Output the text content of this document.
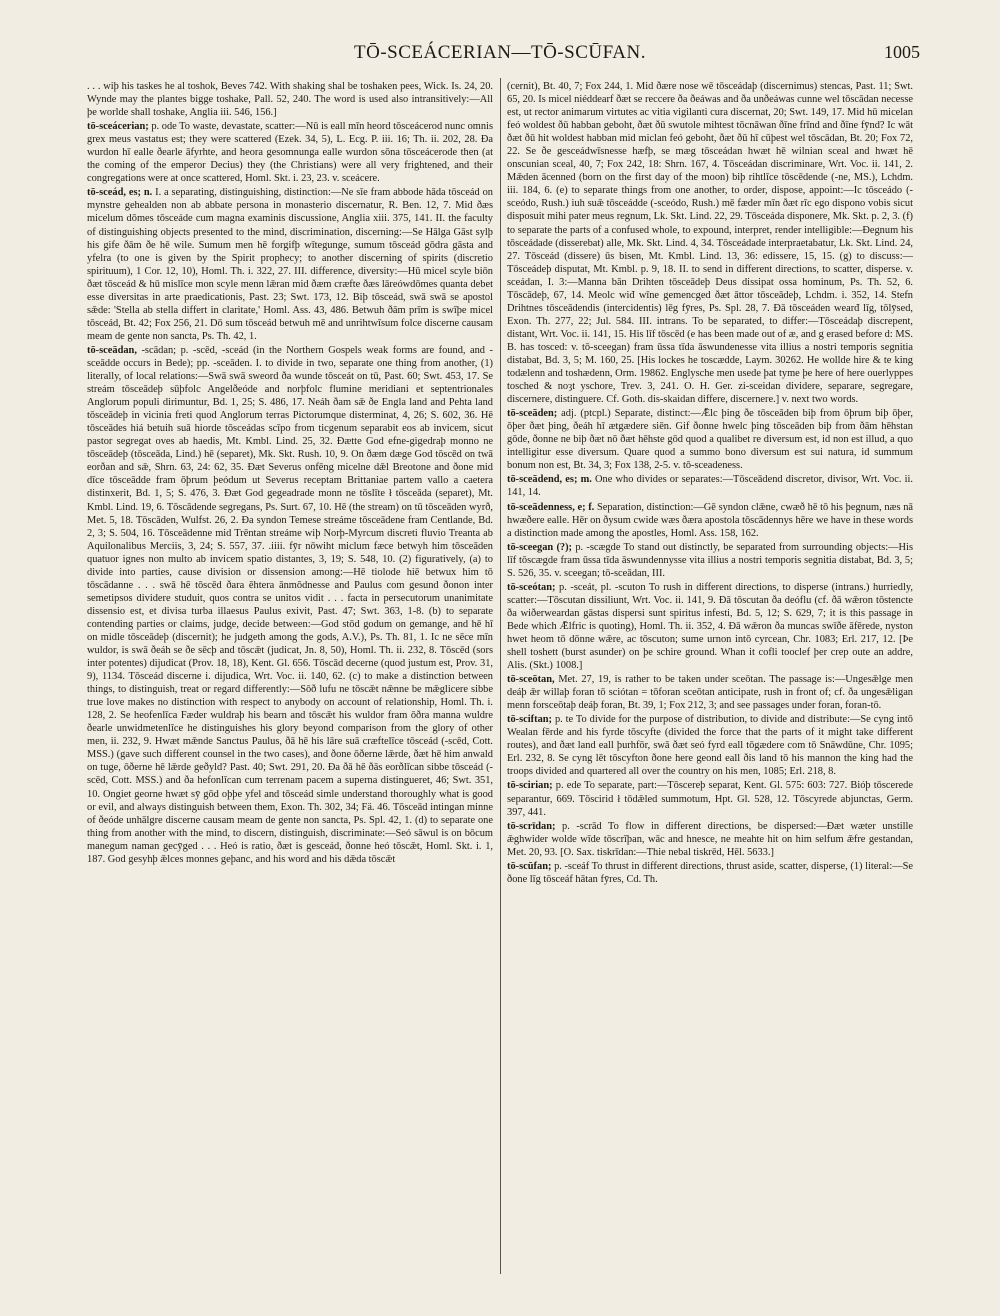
TŌ-SCEÁCERIAN—TŌ-SCŪFAN.	1005
. . . wiþ his taskes he al toshok, Beves 742. With shaking shal be toshaken pees, Wick. Is. 24, 20. Wynde may the plantes bigge toshake, Pall. 52, 240. The word is used also intransitively:—All þe worlde shall toshake, Anglia iii. 546, 156.]
tō-sceácerian; p. ode To waste, devastate, scatter:—Nū is eall mīn heord tōsceácerod nunc omnis grex meus vastatus est; they were scattered (Ezek. 34, 5), L. Ecg. P. iii. 16; Th. ii. 202, 28. Ða wurdon hī ealle ðearle āfyrhte, and heora gesomnunga ealle wurdon sōna tōsceácerode then (at the coming of the emperor Decius) they (the Christians) were all very frightened, and their congregations were at once scattered, Homl. Skt. i. 23, 23. v. sceácere.
tō-sceád, es; n. I. a separating, distinguishing, distinction:—Ne sīe fram abbode hāda tōsceád on mynstre gehealden non ab abbate persona in monasterio discernatur, R. Ben. 12, 7. Mid ðæs micelum dōmes tōsceáde cum magna examinis discussione, Anglia xiii. 375, 141. II. the faculty of distinguishing objects presented to the mind, discrimination, discerning:—Se Hālga Gāst sylþ his gife ðām ðe hē wile. Sumum men hē forgifþ wītegunge, sumum tōsceád gōdra gāsta and yfelra (to one is given by the Spirit prophecy; to another discerning of spirits (discretio spirituum), 1 Cor. 12, 10), Homl. Th. i. 322, 27. III. difference, diversity:—Hū micel scyle biōn ðæt tōsceád & hū mislīce mon scyle menn lǣran mid ðæm cræfte ðæs lāreówdōmes quanta debet esse diversitas in arte praedicationis, Past. 23; Swt. 173, 12. Biþ tōsceád, swā swā se apostol sǣde: 'Stella ab stella differt in claritate,' Homl. Ass. 43, 486. Betwuh ðām prīm is swīþe micel tōsceád, Bt. 42; Fox 256, 21. Dō sum tōsceád betwuh mē and unrihtwīsum folce discerne causam meam de gente non sancta, Ps. Th. 42, 1.
tō-sceādan, -scādan; p. -scēd, -sceád (in the Northern Gospels weak forms are found, and -sceādde occurs in Bede); pp. -sceāden. I. to divide in two, separate one thing from another, (1) literally, of local relations:—Swā swā sweord ða wunde tōsceát on tū, Past. 60; Swt. 453, 17. Se streám tōsceādeþ sūþfolc Angelðeóde and norþfolc flumine meridiani et septentrionales Anglorum populi dirimuntur, Bd. 1, 25; S. 486, 17. Neáh ðam sǣ ðe Engla land and Pehta land tōsceādeþ in vicinia freti quod Anglorum terras Pictorumque disterminat, 4, 26; S. 602, 36. Hē tōsceādes hiá betuih suā hiorde tōsceádas scīpo from ticgenum separabit eos ab invicem, sicut pastor segregat oves ab haedis, Mt. Kmbl. Lind. 25, 32. Ðætte God efne-gigedraþ monno ne tōsceādeþ (tōsceāda, Lind.) hē (separet), Mk. Skt. Rush. 10, 9. On ðæm dæge God tōscēd on twā eorðan and sǣ, Shrn. 63, 24: 62, 35. Ðæt Severus onfēng micelne dǣl Breotone and ðone mid dīce tōsceādde fram ōþrum þeódum ut Severus receptam Brittaniae partem vallo a caetera distinxerit, Bd. 1, 5; S. 476, 3. Ðæt God gegeadrade monn ne tōslīte ł tōsceāda (separet), Mt. Kmbl. Lind. 19, 6. Tōscādende segregans, Ps. Surt. 67, 10. Hē (the stream) on tū tōsceāden wyrð, Met. 5, 18. Tōscāden, Wulfst. 26, 2. Ða syndon Temese streáme tōsceādene fram Centlande, Bd. 2, 3; S. 504, 16. Tōsceādenne mid Trēntan streáme wiþ Norþ-Myrcum discreti fluvio Treanta ab Aquilonalibus Merciis, 3, 24; S. 557, 37. .iiii. fȳr nōwiht miclum fæce betwyh him tōsceāden quatuor ignes non multo ab invicem spatio distantes, 3, 19; S. 548, 10. (2) figuratively, (a) to divide into parties, cause division or dissension among:—Hē tiolode hiē betwux him tō tōscādanne . . . swā hē tōscēd ðara ēhtera ānmōdnesse and Paulus com gesund ðonon inter semetipsos dividere studuit, quos contra se unitos vidit . . . facta in persecutorum unanimitate dissensio est, et divisa turba illaesus Paulus exivit, Past. 47; Swt. 363, 1-8. (b) to separate contending parties or claims, judge, decide between:—God stōd godum on gemange, and hē hī on midle tōsceādeþ (discernit); he judgeth among the gods, A.V.), Ps. Th. 81, 1. Ic ne sēce mīn wuldor, is swā ðeáh se ðe sēcþ and tōscǣt (judicat, Jn. 8, 50), Homl. Th. ii. 232, 8. Tōscēd (sors inter potentes) dijudicat (Prov. 18, 18), Kent. Gl. 656. Tōscād decerne (quod justum est, Prov. 31, 9), 1134. Tōsceád discerne i. dijudica, Wrt. Voc. ii. 140, 62. (c) to make a distinction between things, to distinguish, treat or regard differently:—Sōð lufu ne tōscǣt nǣnne be mǣglicere sibbe true love makes no distinction with respect to anybody on account of relationship, Homl. Th. i. 128, 2. Se heofenlīca Fæder wuldraþ his bearn and tōscǣt his wuldor fram ōðra manna wuldre ðearle unwidmetenlīce he distinguishes his glory beyond comparison from the glory of other men, ii. 232, 9. Hwæt mǣnde Sanctus Paulus, ðā hē his lāre suā cræftelīce tōsceád (-scēd, Cott. MSS.) (gave such different counsel in the two cases), and ðone ōðerne lǣrde, ðæt hē him anwald on tuge, ōðerne hē lǣrde geðyld? Past. 40; Swt. 291, 20. Ða ðā hē ðās eorðlīcan sibbe tōsceád (-scēd, Cott. MSS.) and ða hefonlīcan cum terrenam pacem a superna distingueret, 46; Swt. 351, 10. Ongiet georne hwæt sȳ gōd oþþe yfel and tōsceád simle understand thoroughly what is good or evil, and always distinguish between them, Exon. Th. 302, 34; Fä. 46. Tōsceād intingan minne of ðeóde unhālgre discerne causam meam de gente non sancta, Ps. Spl. 42, 1. (d) to separate one thing from another with the mind, to discern, distinguish, discriminate:—Seó sāwul is on bōcum manegum naman gecȳged . . . Heó is ratio, ðæt is gesceád, ðonne heó tōscǣt, Homl. Skt. i. 1, 187. God gesyhþ ǣlces monnes geþanc, and his word and his dǣda tōscǣt
(cernit), Bt. 40, 7; Fox 244, 1. Mid ðære nose wē tōsceádaþ (discernimus) stencas, Past. 11; Swt. 65, 20. Is micel niéddearf ðæt se reccere ða ðeáwas and ða unðeáwas cunne wel tōscādan necesse est, ut rector animarum virtutes ac vitia vigilanti cura discernat, 20; Swt. 149, 17. Mid hū micelan feó woldest ðū habban geboht, ðæt ðū swutole mihtest tōcnāwan ðīne frīnd and ðīne fȳnd? Ic wāt ðæt ðū hit woldest habban mid miclan feó geboht, ðæt ðū hī cūþest wel tōscādan, Bt. 20; Fox 72, 22. Se ðe gesceádwīsnesse hæfþ, se mæg tōsceádan hwæt hē wilnian sceal and hwæt hē onscunian sceal, 40, 7; Fox 242, 18: Shrn. 167, 4. Tōsceádan discriminare, Wrt. Voc. ii. 141, 2. Mǣden ācenned (born on the first day of the moon) biþ rihtlīce tōscēdende (-ne, MS.), Lchdm. iii. 184, 6. (e) to separate things from one another, to order, dispose, appoint:—Ic tōsceádo (-sceódo, Rush.) iuh suǣ tōsceádde (-sceódo, Rush.) mē fæder mīn ðæt rīc ego dispono vobis sicut disposuit mihi pater meus regnum, Lk. Skt. Lind. 22, 29. Tōsceáda disponere, Mk. Skt. p. 2, 3. (f) to separate the parts of a confused whole, to expound, interpret, render intelligible:—Ðegnum his tōsceádade (disserebat) alle, Mk. Skt. Lind. 4, 34. Tōsceádade interpraetabatur, Lk. Skt. Lind. 24, 27. Tōsceád (dissere) ūs bisen, Mt. Kmbl. Lind. 13, 36: edissere, 15, 15. (g) to discuss:—Tōsceádeþ disputat, Mt. Kmbl. p. 9, 18. II. to send in different directions, to scatter, disperse. v. sceádan, I. 3:—Manna bān Drihten tōsceādeþ Deus dissipat ossa hominum, Ps. Th. 52, 6. Tōscādeþ, 67, 14. Meolc wiđ wīne gemencged ðæt āttor tōsceādeþ, Lchdm. i. 352, 14. Stefn Drihtnes tōsceādendis (intercidentis) lēg fȳres, Ps. Spl. 28, 7. Ðā tōsceáden wearđ līg, tōlȳsed, Exon. Th. 277, 22; Jul. 584. III. intrans. To be separated, to differ:—Tōsceádaþ discrepent, distant, Wrt. Voc. ii. 141, 15. His līf tōscēd (e has been made out of æ, and g erased before d: MS. B. has tosced: v. tō-sceegan) fram ūssa tīda āswundenesse vita illius a nostri temporis segnitia distabat, Bd. 3, 5; M. 160, 25. [His lockes he toscædde, Laym. 30262. He wollde hire & te king todælenn and toshædenn, Orm. 19862. Englysche men usede þat tyme þe here of here ouerlyppes tosched & noȝt yschore, Trev. 3, 241. O. H. Ger. zi-sceidan dividere, separare, segregare, discernere, distinguere. Cf. Goth. dis-skaidan differe, discernere.] v. next two words.
tō-sceāden; adj. (ptcpl.) Separate, distinct:—Ǣlc þing ðe tōsceāden biþ from ōþrum biþ ōþer, ōþer ðæt þing, ðeáh hī ætgædere siēn. Gif ðonne hwelc þing tōsceāden biþ from ðām hēhstan gōde, ðonne ne biþ ðæt nō ðæt hēhste gōd quod a qualibet re diversum est, id non est illud, a quo intelligitur esse diversum. Quare quod a summo bono diversum est sui natura, id summum bonum non est, Bt. 34, 3; Fox 138, 2-5. v. tō-sceadeness.
tō-sceādend, es; m. One who divides or separates:—Tōsceādend discretor, divisor, Wrt. Voc. ii. 141, 14.
tō-sceādenness, e; f. Separation, distinction:—Gē syndon clǣne, cwæð hē tō his þegnum, næs nā hwæðere ealle. Hēr on ðysum cwide wæs ðæra apostola tōscādennys hēre we have in these words a distinction made among the apostles, Homl. Ass. 158, 162.
tō-sceegan (?); p. -scægde To stand out distinctly, be separated from surrounding objects:—His līf tōscægde fram ūssa tīda āswundennysse vita illius a nostri temporis segnitia distabat, Bd. 3, 5; S. 526, 35. v. sceegan; tō-sceādan, III.
tō-sceótan; p. -sceát, pl. -scuton To rush in different directions, to disperse (intrans.) hurriedly, scatter:—Tōscutan dissiliunt, Wrt. Voc. ii. 141, 9. Ðā tōscutan ða deóflu (cf. ðā wǣron tōstencte ða wiðerweardan gāstas dispersi sunt spiritus infesti, Bd. 5, 12; S. 629, 7; it is this passage in Bede which Ǣlfric is quoting), Homl. Th. ii. 352, 4. Ðā wǣron ða muncas swīðe āfērede, nyston hwet heom tō dōnne wǣre, ac tōscuton; sume urnon intō cyrcean, Chr. 1083; Erl. 217, 12. [Þe shell toshett (burst asunder) on þe schire ground. Whan it cofli tooclef þer crep oute an addre, Alis. (Skt.) 1008.]
tō-sceōtan, Met. 27, 19, is rather to be taken under sceōtan. The passage is:—Ungesǣlge men deáþ ǣr willaþ foran tō sciótan = tōforan sceōtan anticipate, rush in front of; cf. ða ungesǣligan menn forsceōtaþ deáþ foran, Bt. 39, 1; Fox 212, 3; and see passages under foran, foran-tō.
tō-sciftan; p. te To divide for the purpose of distribution, to divide and distribute:—Se cyng intō Wealan fērde and his fyrde tōscyfte (divided the force that the parts of it might take different routes), and ðæt land eall þurhfōr, swā ðæt seó fyrd eall tōgædere com tō Snāwdūne, Chr. 1095; Erl. 232, 8. Se cyng lēt tōscyfton ðone here geond eall ðis land tō his mannon the king had the troops divided and quartered all over the country on his men, 1085; Erl. 218, 8.
tō-scirian; p. ede To separate, part:—Tōscereþ separat, Kent. Gl. 575: 603: 727. Bióþ tōscerede separantur, 669. Tōscirid ł tōdǣled summotum, Hpt. Gl. 528, 12. Tōscyrede abjunctas, Germ. 397, 441.
tō-scrīdan; p. -scrād To flow in different directions, be dispersed:—Ðæt wæter unstille ǣghwider wolde wīde tōscrīþan, wāc and hnesce, ne meahte hit on him selfum ǣfre gestandan, Met. 20, 93. [O. Sax. tiskrīdan:—Thie nebal tiskrēd, Hēl. 5633.]
tō-scūfan; p. -sceáf To thrust in different directions, thrust aside, scatter, disperse, (1) literal:—Se ðone līg tōsceáf hātan fȳres, Cd. Th.
